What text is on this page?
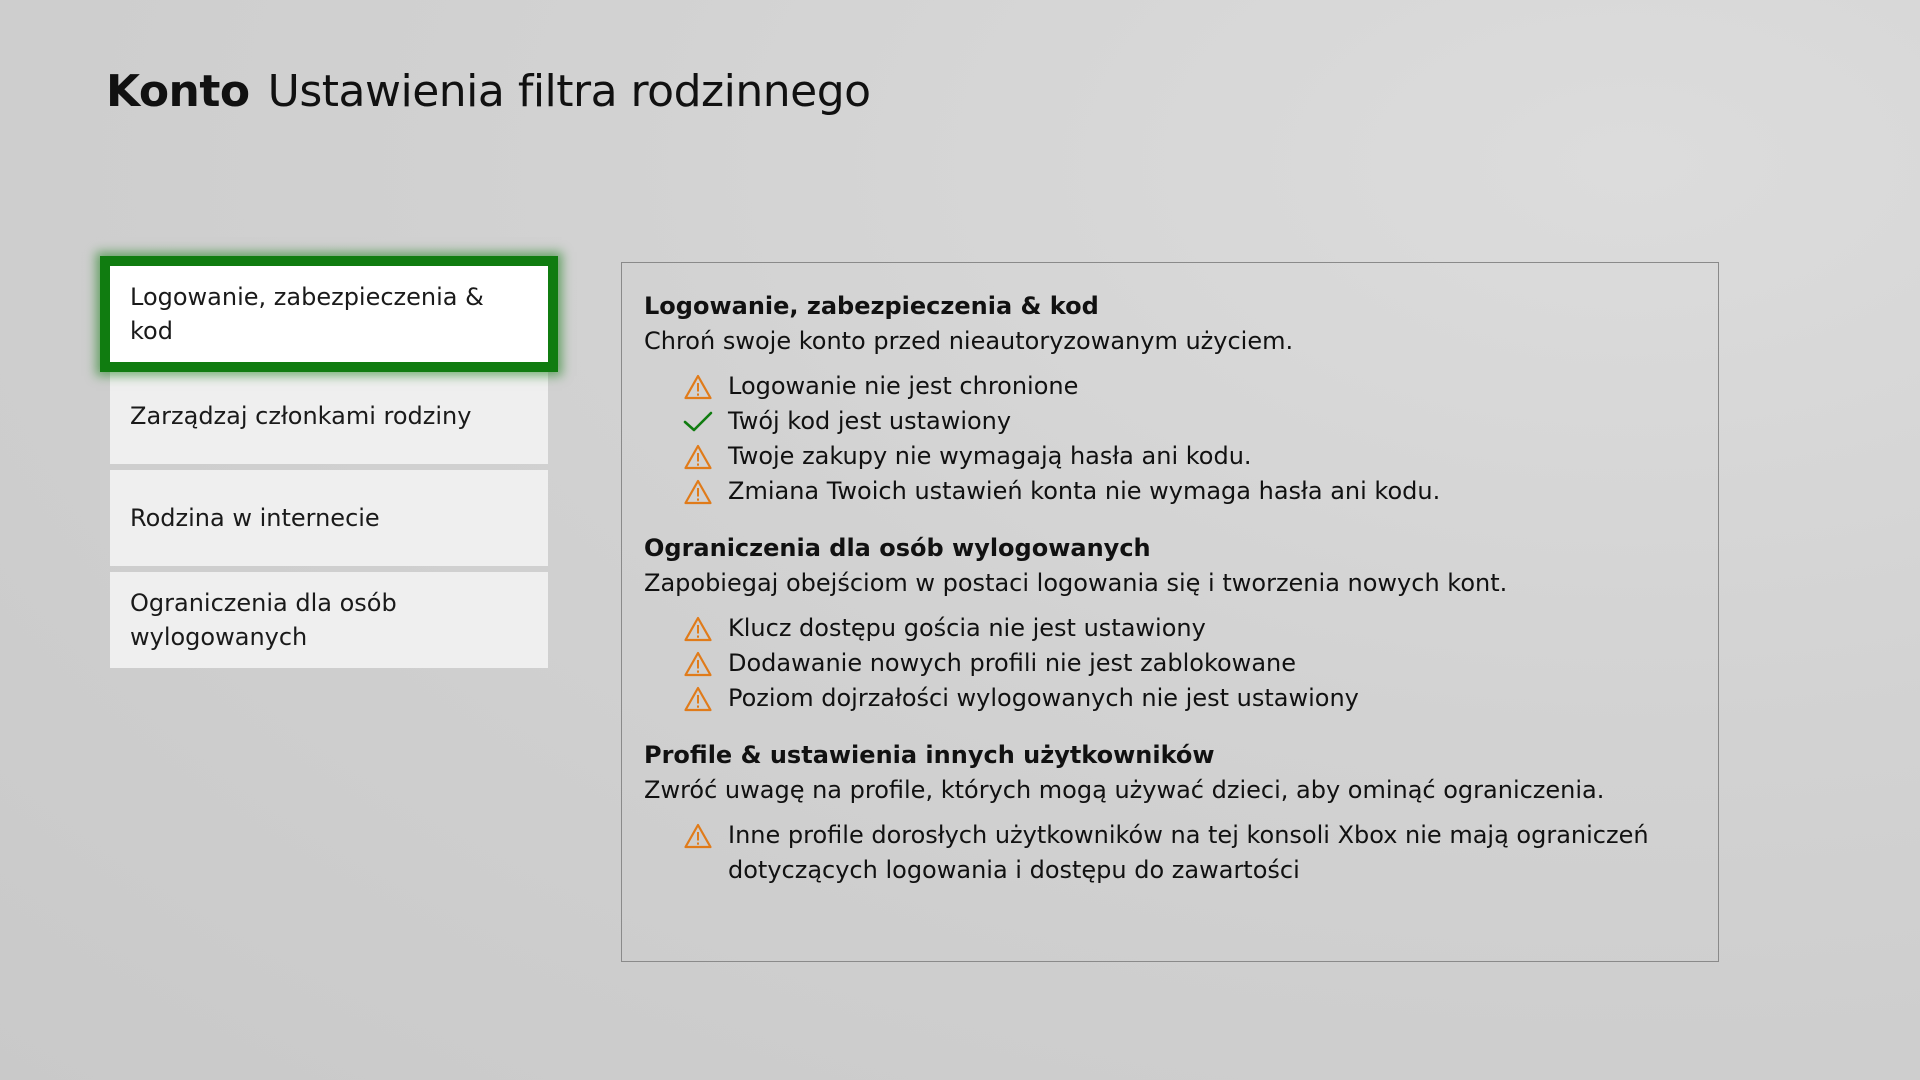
Konto Ustawienia filtra rodzinnego
Logowanie, zabezpieczenia & kod
Zarządzaj członkami rodziny
Rodzina w internecie
Ograniczenia dla osób wylogowanych
Logowanie, zabezpieczenia & kod
Chroń swoje konto przed nieautoryzowanym użyciem.
Logowanie nie jest chronione
Twój kod jest ustawiony
Twoje zakupy nie wymagają hasła ani kodu.
Zmiana Twoich ustawień konta nie wymaga hasła ani kodu.
Ograniczenia dla osób wylogowanych
Zapobiegaj obejściom w postaci logowania się i tworzenia nowych kont.
Klucz dostępu gościa nie jest ustawiony
Dodawanie nowych profili nie jest zablokowane
Poziom dojrzałości wylogowanych nie jest ustawiony
Profile & ustawienia innych użytkowników
Zwróć uwagę na profile, których mogą używać dzieci, aby ominąć ograniczenia.
Inne profile dorosłych użytkowników na tej konsoli Xbox nie mają ograniczeń dotyczących logowania i dostępu do zawartości
